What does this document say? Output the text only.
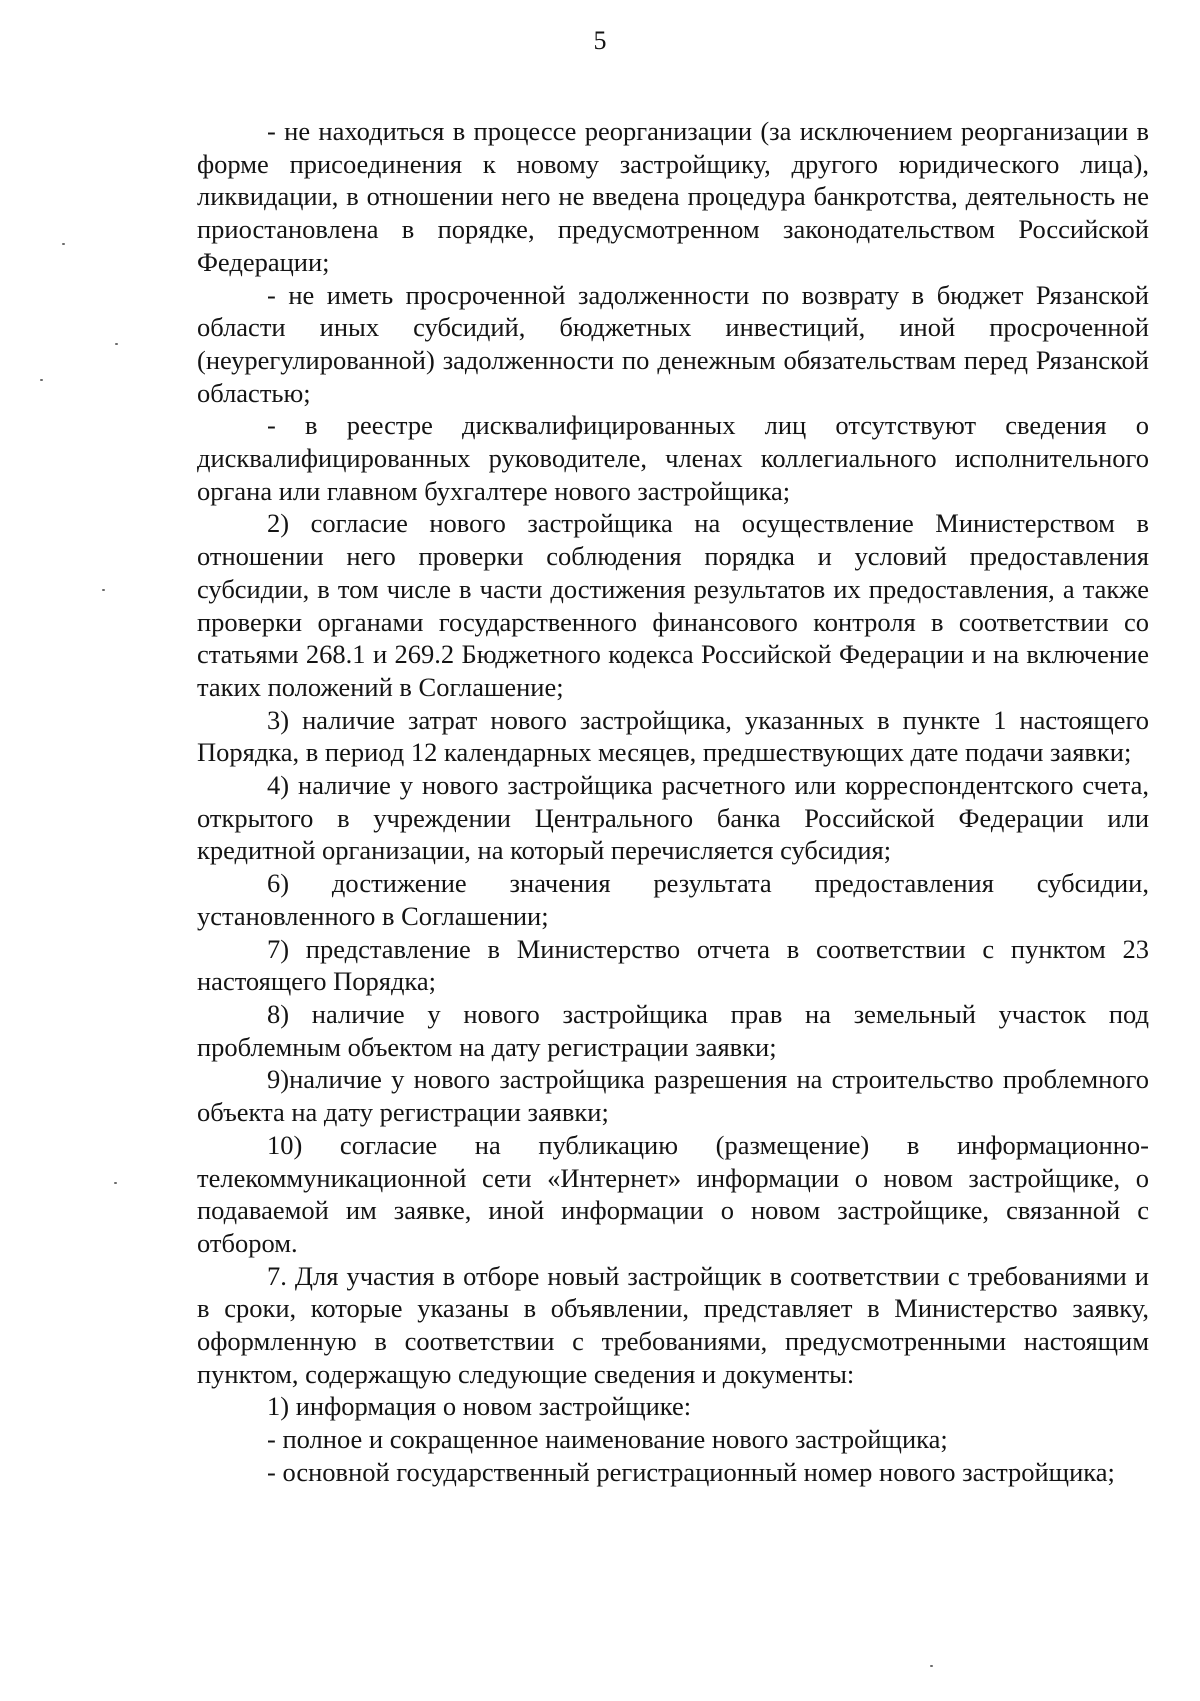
5

- не находиться в процессе реорганизации (за исключением реорганизации в форме присоединения к новому застройщику, другого юридического лица), ликвидации, в отношении него не введена процедура банкротства, деятельность не приостановлена в порядке, предусмотренном законодательством Российской Федерации;

- не иметь просроченной задолженности по возврату в бюджет Рязанской области иных субсидий, бюджетных инвестиций, иной просроченной (неурегулированной) задолженности по денежным обязательствам перед Рязанской областью;

- в реестре дисквалифицированных лиц отсутствуют сведения о дисквалифицированных руководителе, членах коллегиального исполнительного органа или главном бухгалтере нового застройщика;

2) согласие нового застройщика на осуществление Министерством в отношении него проверки соблюдения порядка и условий предоставления субсидии, в том числе в части достижения результатов их предоставления, а также проверки органами государственного финансового контроля в соответствии со статьями 268.1 и 269.2 Бюджетного кодекса Российской Федерации и на включение таких положений в Соглашение;

3) наличие затрат нового застройщика, указанных в пункте 1 настоящего Порядка, в период 12 календарных месяцев, предшествующих дате подачи заявки;

4) наличие у нового застройщика расчетного или корреспондентского счета, открытого в учреждении Центрального банка Российской Федерации или кредитной организации, на который перечисляется субсидия;

6) достижение значения результата предоставления субсидии, установленного в Соглашении;

7) представление в Министерство отчета в соответствии с пунктом 23 настоящего Порядка;

8) наличие у нового застройщика прав на земельный участок под проблемным объектом на дату регистрации заявки;

9)наличие у нового застройщика разрешения на строительство проблемного объекта на дату регистрации заявки;

10) согласие на публикацию (размещение) в информационно-телекоммуникационной сети «Интернет» информации о новом застройщике, о подаваемой им заявке, иной информации о новом застройщике, связанной с отбором.

7. Для участия в отборе новый застройщик в соответствии с требованиями и в сроки, которые указаны в объявлении, представляет в Министерство заявку, оформленную в соответствии с требованиями, предусмотренными настоящим пунктом, содержащую следующие сведения и документы:

1) информация о новом застройщике:

- полное и сокращенное наименование нового застройщика;

- основной государственный регистрационный номер нового застройщика;
